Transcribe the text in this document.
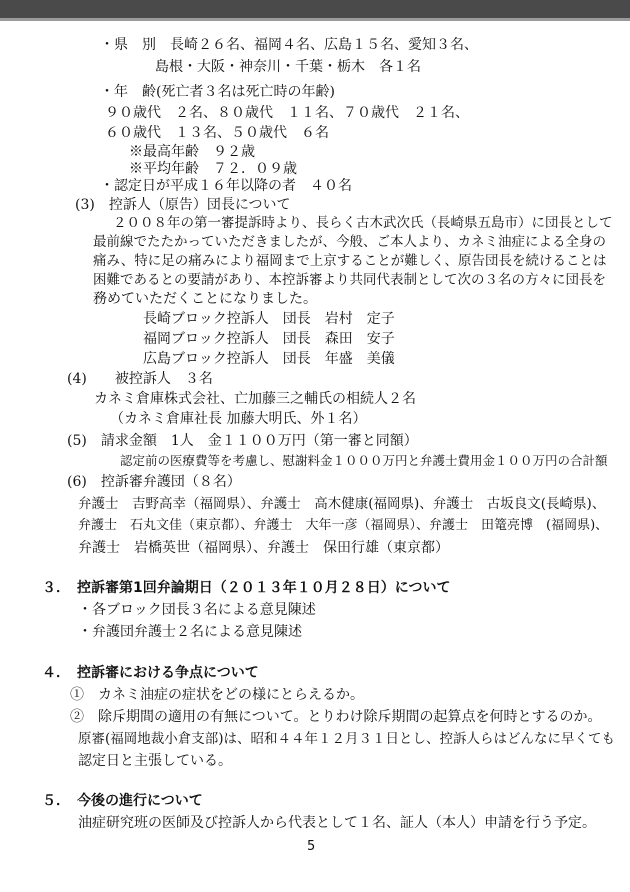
・県　別　長崎２６名、福岡４名、広島１５名、愛知３名、
島根・大阪・神奈川・千葉・栃木　各１名
・年　齢(死亡者３名は死亡時の年齢)
９０歳代　２名、８０歳代　１１名、７０歳代　２１名、
６０歳代　１３名、５０歳代　６名
※最高年齢　９２歳
※平均年齢　７２．０９歳
・認定日が平成１６年以降の者　４０名
(3)　控訴人（原告）団長について
２００８年の第一審提訴時より、長らく古木武次氏（長崎県五島市）に団長として
最前線でたたかっていただきましたが、今般、ご本人より、カネミ油症による全身の
痛み、特に足の痛みにより福岡まで上京することが難しく、原告団長を続けることは
困難であるとの要請があり、本控訴審より共同代表制として次の３名の方々に団長を
務めていただくことになりました。
長崎ブロック控訴人　団長　岩村　定子
福岡ブロック控訴人　団長　森田　安子
広島ブロック控訴人　団長　年盛　美儀
(4)　　被控訴人　３名
カネミ倉庫株式会社、亡加藤三之輔氏の相続人２名
（カネミ倉庫社長 加藤大明氏、外１名）
(5)　請求金額　1人　金１１００万円（第一審と同額）
認定前の医療費等を考慮し、慰謝料金１０００万円と弁護士費用金１００万円の合計額
(6)　控訴審弁護団（８名）
弁護士　吉野高幸（福岡県）、弁護士　高木健康(福岡県)、弁護士　古坂良文(長崎県)、
弁護士　石丸文佳（東京都）、弁護士　大年一彦（福岡県）、弁護士　田篭亮博　(福岡県)、
弁護士　岩橋英世（福岡県）、弁護士　保田行雄（東京都）
３．　控訴審第1回弁論期日（２０１３年１０月２８日）について
・各ブロック団長３名による意見陳述
・弁護団弁護士２名による意見陳述
４．　控訴審における争点について
①　カネミ油症の症状をどの様にとらえるか。
②　除斥期間の適用の有無について。とりわけ除斥期間の起算点を何時とするのか。
原審(福岡地裁小倉支部)は、昭和４４年１２月３１日とし、控訴人らはどんなに早くても
認定日と主張している。
５．　今後の進行について
油症研究班の医師及び控訴人から代表として１名、証人（本人）申請を行う予定。
5
